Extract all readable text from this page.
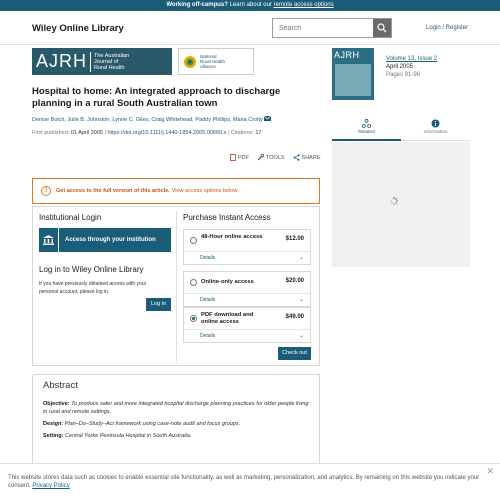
Working off-campus? Learn about our remote access options
Wiley Online Library
Search	Login / Register
AJRH The Australian
Journal of
Rural Health
National
Rural Health
Alliance
AJRH	Volume 13, Issue 2
April 2005
Pages 91-96
Hospital to home: An integrated approach to discharge planning in a rural South Australian town
Denise Bolch, Julie B. Johnston, Lynne C. Giles, Craig Whitehead, Paddy Phillips, Maria Crotty
First published: 01 April 2005 | https://doi.org/10.1111/j.1440-1854.2005.00660.x | Citations: 17
PDF	TOOLS	SHARE
!	Get access to the full version of this article. View access options below.
Institutional Login
Access through your institution
Log in to Wiley Online Library
If you have previously obtained access with your personal account, please log in.
Log in
Purchase Instant Access
48-Hour online access	$12.00
Details	⌄
Online-only access	$20.00
Details	⌄
PDF download and online access
$49.00
Details	⌄
Check out
Abstract

Objective: To produce safer and more integrated hospital discharge planning practices for older people living in rural and remote settings.

Design: Plan–Do–Study–Act framework using case-note audit and focus groups.

Setting: Central Yorke Peninsula Hospital in South Australia.

Related	Information
✕

This website stores data such as cookies to enable essential site functionality, as well as marketing, personalization, and analytics. By remaining on this website you indicate your consent. Privacy Policy
